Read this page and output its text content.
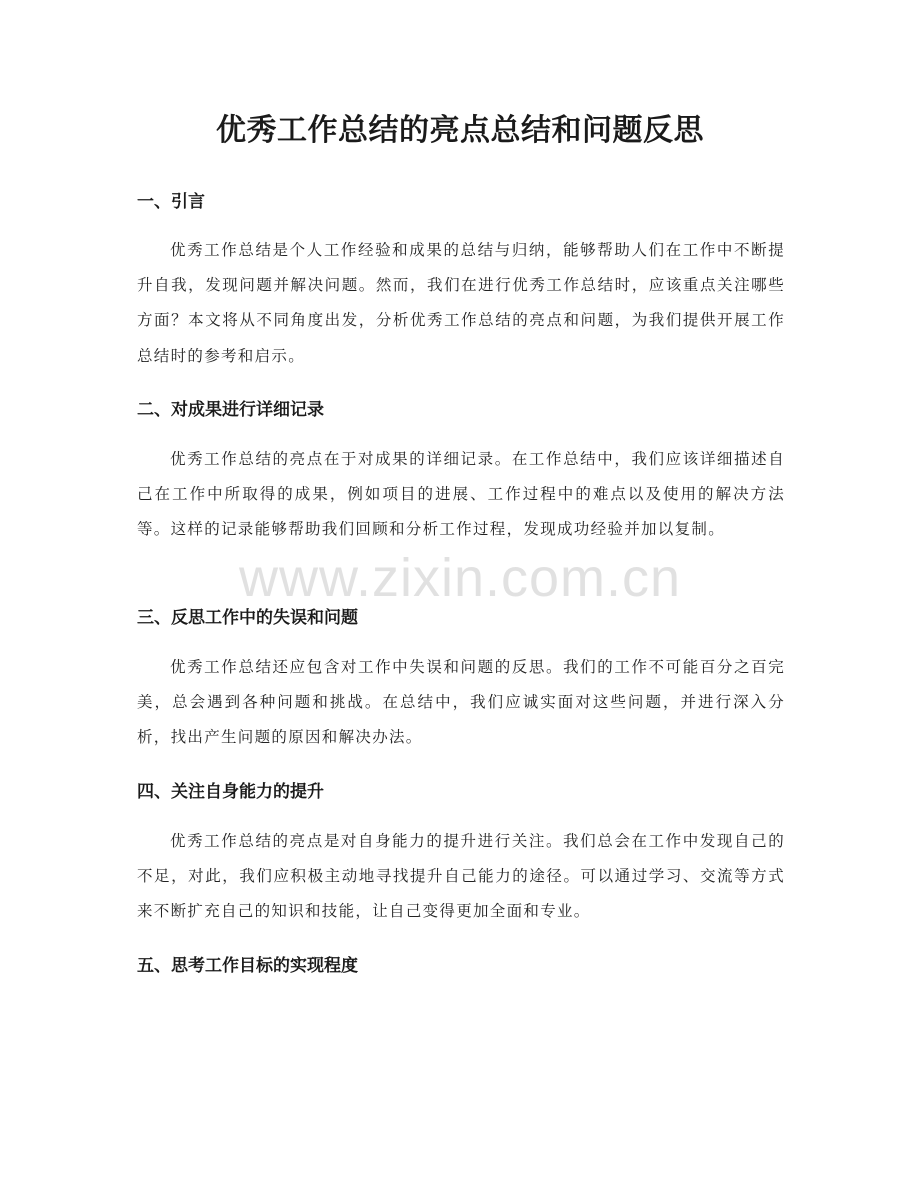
优秀工作总结的亮点总结和问题反思
一、引言

优秀工作总结是个人工作经验和成果的总结与归纳，能够帮助人们在工作中不断提升自我，发现问题并解决问题。然而，我们在进行优秀工作总结时，应该重点关注哪些方面？本文将从不同角度出发，分析优秀工作总结的亮点和问题，为我们提供开展工作总结时的参考和启示。

二、对成果进行详细记录

优秀工作总结的亮点在于对成果的详细记录。在工作总结中，我们应该详细描述自己在工作中所取得的成果，例如项目的进展、工作过程中的难点以及使用的解决方法等。这样的记录能够帮助我们回顾和分析工作过程，发现成功经验并加以复制。

三、反思工作中的失误和问题

优秀工作总结还应包含对工作中失误和问题的反思。我们的工作不可能百分之百完美，总会遇到各种问题和挑战。在总结中，我们应诚实面对这些问题，并进行深入分析，找出产生问题的原因和解决办法。

四、关注自身能力的提升

优秀工作总结的亮点是对自身能力的提升进行关注。我们总会在工作中发现自己的不足，对此，我们应积极主动地寻找提升自己能力的途径。可以通过学习、交流等方式来不断扩充自己的知识和技能，让自己变得更加全面和专业。

五、思考工作目标的实现程度
www.zixin.com.cn
